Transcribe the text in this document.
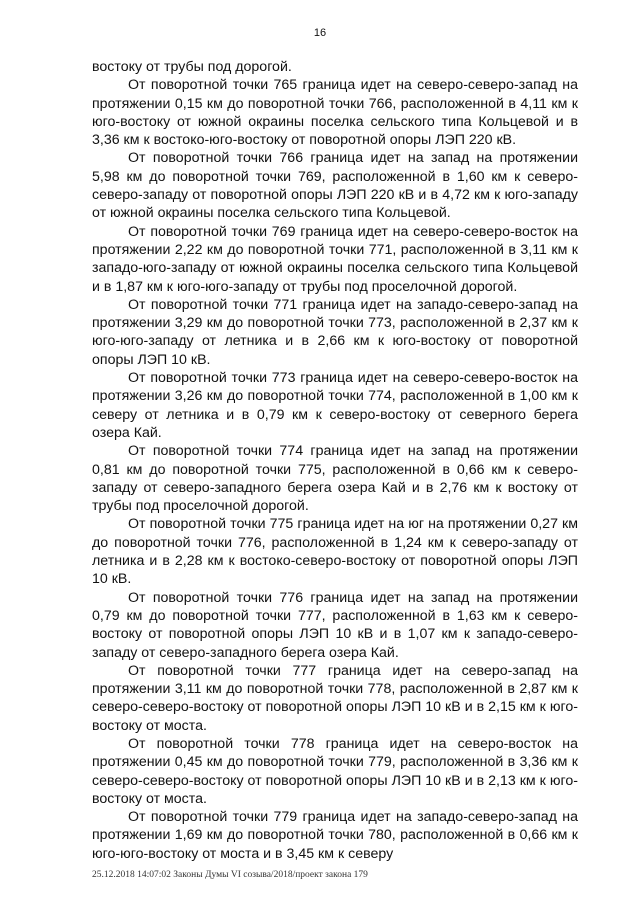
16

востоку от трубы под дорогой.

От поворотной точки 765 граница идет на северо-северо-запад на протяжении 0,15 км до поворотной точки 766, расположенной в 4,11 км к юго-востоку от южной окраины поселка сельского типа Кольцевой и в 3,36 км к востоко-юго-востоку от поворотной опоры ЛЭП 220 кВ.

От поворотной точки 766 граница идет на запад на протяжении 5,98 км до поворотной точки 769, расположенной в 1,60 км к северо-северо-западу от поворотной опоры ЛЭП 220 кВ и в 4,72 км к юго-западу от южной окраины поселка сельского типа Кольцевой.

От поворотной точки 769 граница идет на северо-северо-восток на протяжении 2,22 км до поворотной точки 771, расположенной в 3,11 км к западо-юго-западу от южной окраины поселка сельского типа Кольцевой и в 1,87 км к юго-юго-западу от трубы под проселочной дорогой.

От поворотной точки 771 граница идет на западо-северо-запад на протяжении 3,29 км до поворотной точки 773, расположенной в 2,37 км к юго-юго-западу от летника и в 2,66 км к юго-востоку от поворотной опоры ЛЭП 10 кВ.

От поворотной точки 773 граница идет на северо-северо-восток на протяжении 3,26 км до поворотной точки 774, расположенной в 1,00 км к северу от летника и в 0,79 км к северо-востоку от северного берега озера Кай.

От поворотной точки 774 граница идет на запад на протяжении 0,81 км до поворотной точки 775, расположенной в 0,66 км к северо-западу от северо-западного берега озера Кай и в 2,76 км к востоку от трубы под проселочной дорогой.

От поворотной точки 775 граница идет на юг на протяжении 0,27 км до поворотной точки 776, расположенной в 1,24 км к северо-западу от летника и в 2,28 км к востоко-северо-востоку от поворотной опоры ЛЭП 10 кВ.

От поворотной точки 776 граница идет на запад на протяжении 0,79 км до поворотной точки 777, расположенной в 1,63 км к северо-востоку от поворотной опоры ЛЭП 10 кВ и в 1,07 км к западо-северо-западу от северо-западного берега озера Кай.

От поворотной точки 777 граница идет на северо-запад на протяжении 3,11 км до поворотной точки 778, расположенной в 2,87 км к северо-северо-востоку от поворотной опоры ЛЭП 10 кВ и в 2,15 км к юго-востоку от моста.

От поворотной точки 778 граница идет на северо-восток на протяжении 0,45 км до поворотной точки 779, расположенной в 3,36 км к северо-северо-востоку от поворотной опоры ЛЭП 10 кВ и в 2,13 км к юго-востоку от моста.

От поворотной точки 779 граница идет на западо-северо-запад на протяжении 1,69 км до поворотной точки 780, расположенной в 0,66 км к юго-юго-востоку от моста и в 3,45 км к северу

25.12.2018 14:07:02 Законы Думы VI созыва/2018/проект закона 179
